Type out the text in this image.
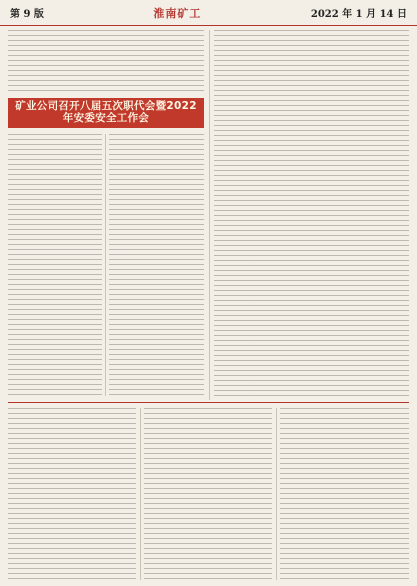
第 9 版	淮南矿工	2022 年 1 月 14 日
矿业公司召开八届五次职代会暨2022年安委安全工作会
